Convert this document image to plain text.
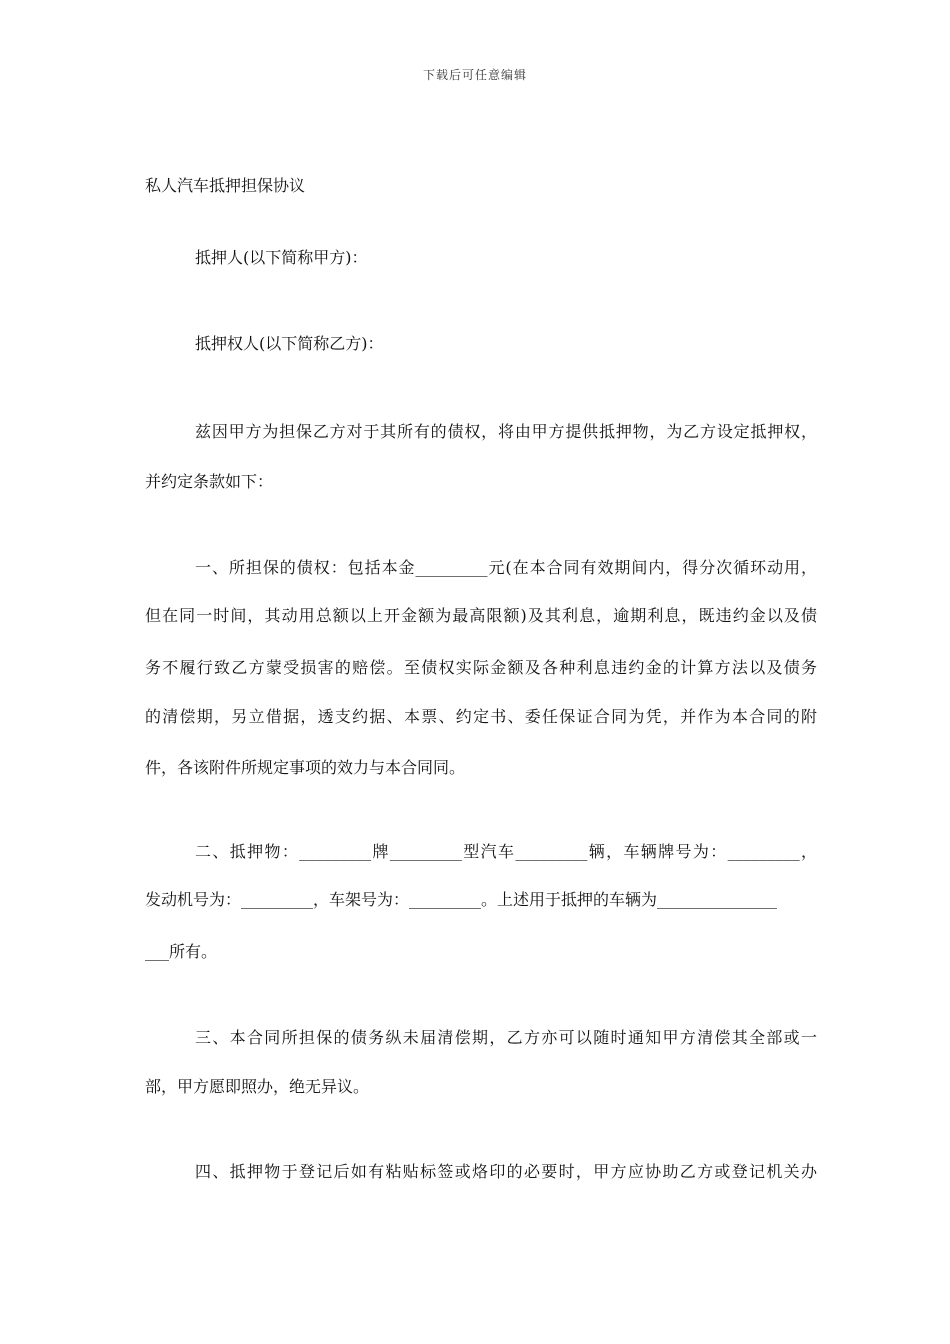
下载后可任意编辑
私人汽车抵押担保协议
抵押人(以下简称甲方)：
抵押权人(以下简称乙方)：
兹因甲方为担保乙方对于其所有的债权，将由甲方提供抵押物，为乙方设定抵押权，
并约定条款如下：
一、所担保的债权：包括本金_________元(在本合同有效期间内，得分次循环动用，
但在同一时间，其动用总额以上开金额为最高限额)及其利息，逾期利息，既违约金以及债
务不履行致乙方蒙受损害的赔偿。至债权实际金额及各种利息违约金的计算方法以及债务
的清偿期，另立借据，透支约据、本票、约定书、委任保证合同为凭，并作为本合同的附
件，各该附件所规定事项的效力与本合同同。
二、抵押物：_________牌_________型汽车_________辆，车辆牌号为：_________，
发动机号为：_________，车架号为：_________。上述用于抵押的车辆为_______________
___所有。
三、本合同所担保的债务纵未届清偿期，乙方亦可以随时通知甲方清偿其全部或一
部，甲方愿即照办，绝无异议。
四、抵押物于登记后如有粘贴标签或烙印的必要时，甲方应协助乙方或登记机关办
